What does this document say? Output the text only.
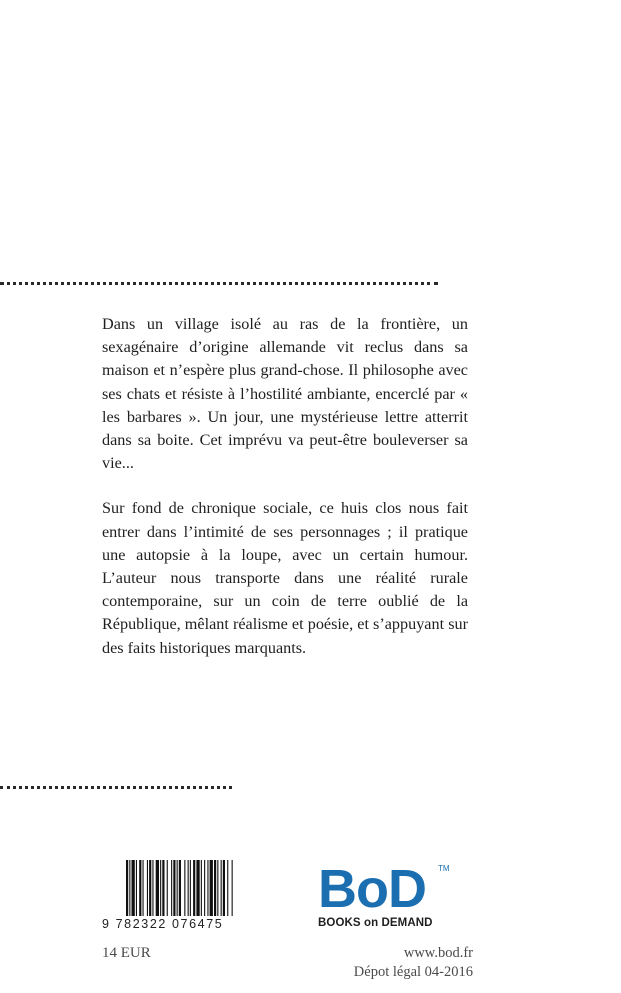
Dans un village isolé au ras de la frontière, un sexagénaire d’origine allemande vit reclus dans sa maison et n’espère plus grand-chose. Il philosophe avec ses chats et résiste à l’hostilité ambiante, encerclé par « les barbares ». Un jour, une mystérieuse lettre atterrit dans sa boite. Cet imprévu va peut-être bouleverser sa vie...

Sur fond de chronique sociale, ce huis clos nous fait entrer dans l’intimité de ses personnages ; il pratique une autopsie à la loupe, avec un certain humour. L’auteur nous transporte dans une réalité rurale contemporaine, sur un coin de terre oublié de la République, mêlant réalisme et poésie, et s’appuyant sur des faits historiques marquants.

9 782322 076475
14 EUR
BoD	TM
BOOKS on DEMAND
www.bod.fr
Dépot légal 04-2016
